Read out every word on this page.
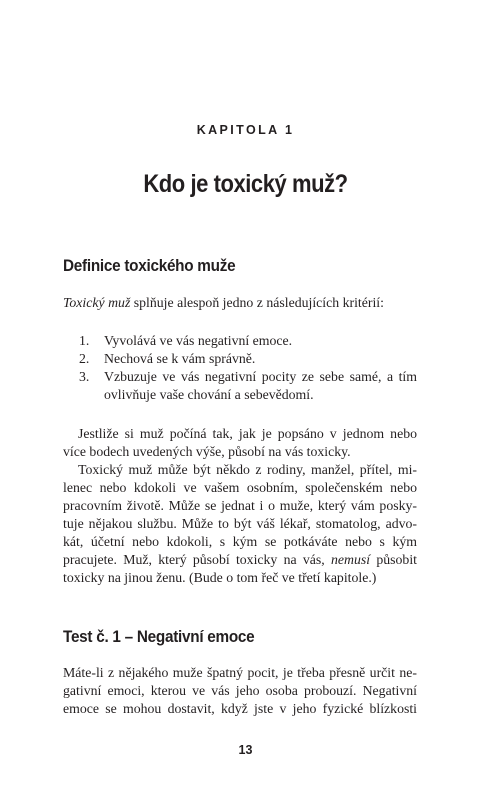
KAPITOLA 1
Kdo je toxický muž?
Definice toxického muže
Toxický muž splňuje alespoň jedno z následujících kritérií:
1. Vyvolává ve vás negativní emoce.
2. Nechová se k vám správně.
3. Vzbuzuje ve vás negativní pocity ze sebe samé, a tím
ovlivňuje vaše chování a sebevědomí.
Jestliže si muž počíná tak, jak je popsáno v jednom nebo
více bodech uvedených výše, působí na vás toxicky.
Toxický muž může být někdo z rodiny, manžel, přítel, mi-
lenec nebo kdokoli ve vašem osobním, společenském nebo
pracovním životě. Může se jednat i o muže, který vám posky-
tuje nějakou službu. Může to být váš lékař, stomatolog, advo-
kát, účetní nebo kdokoli, s kým se potkáváte nebo s kým
pracujete. Muž, který působí toxicky na vás, nemusí působit
toxicky na jinou ženu. (Bude o tom řeč ve třetí kapitole.)
Test č. 1 – Negativní emoce
Máte-li z nějakého muže špatný pocit, je třeba přesně určit ne-
gativní emoci, kterou ve vás jeho osoba probouzí. Negativní
emoce se mohou dostavit, když jste v jeho fyzické blízkosti
13
